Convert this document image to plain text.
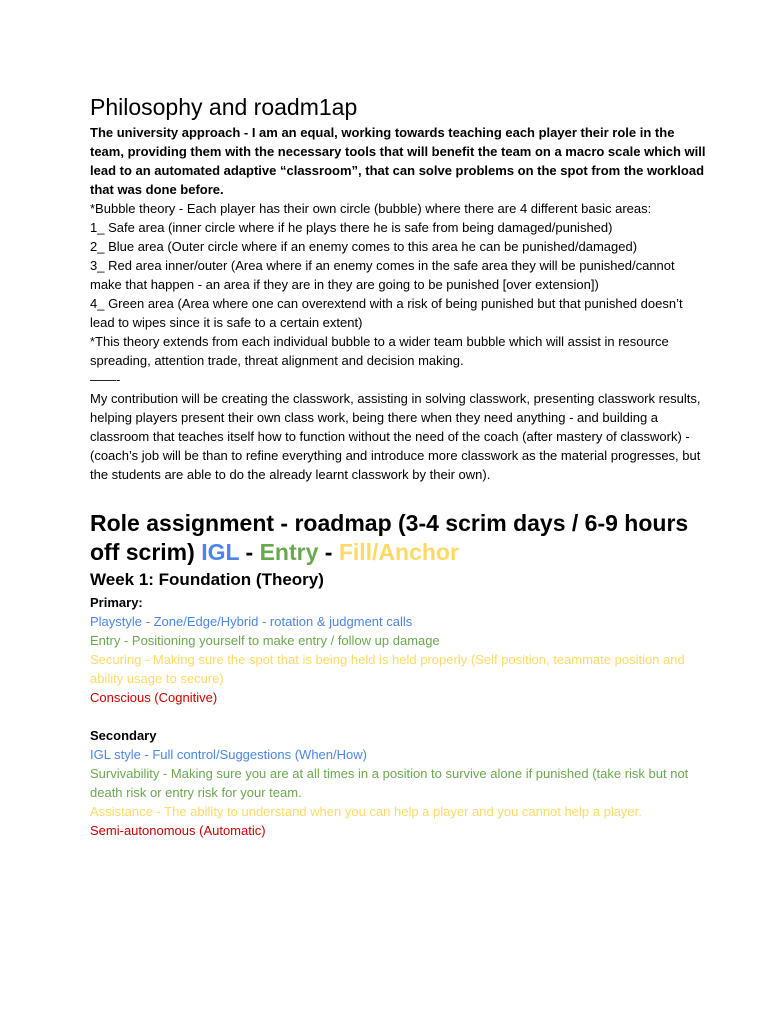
Philosophy and roadm1ap

The university approach - I am an equal, working towards teaching each player their role in the team, providing them with the necessary tools that will benefit the team on a macro scale which will lead to an automated adaptive “classroom”, that can solve problems on the spot from the workload that was done before.

*Bubble theory - Each player has their own circle (bubble) where there are 4 different basic areas:

1_ Safe area (inner circle where if he plays there he is safe from being damaged/punished)

2_ Blue area (Outer circle where if an enemy comes to this area he can be punished/damaged)

3_ Red area inner/outer (Area where if an enemy comes in the safe area they will be punished/cannot make that happen - an area if they are in they are going to be punished [over extension])

4_ Green area (Area where one can overextend with a risk of being punished but that punished doesn’t lead to wipes since it is safe to a certain extent)

*This theory extends from each individual bubble to a wider team bubble which will assist in resource spreading, attention trade, threat alignment and decision making.

——-

My contribution will be creating the classwork, assisting in solving classwork, presenting classwork results, helping players present their own class work, being there when they need anything - and building a classroom that teaches itself how to function without the need of the coach (after mastery of classwork) - (coach’s job will be than to refine everything and introduce more classwork as the material progresses, but the students are able to do the already learnt classwork by their own).

Role assignment - roadmap (3-4 scrim days / 6-9 hours off scrim) IGL - Entry - Fill/Anchor
Week 1: Foundation (Theory)
Primary:

Playstyle - Zone/Edge/Hybrid - rotation & judgment calls

Entry - Positioning yourself to make entry / follow up damage

Securing - Making sure the spot that is being held is held properly (Self position, teammate position and ability usage to secure)

Conscious (Cognitive)

Secondary

IGL style - Full control/Suggestions (When/How)

Survivability - Making sure you are at all times in a position to survive alone if punished (take risk but not death risk or entry risk for your team.

Assistance - The ability to understand when you can help a player and you cannot help a player.

Semi-autonomous (Automatic)
